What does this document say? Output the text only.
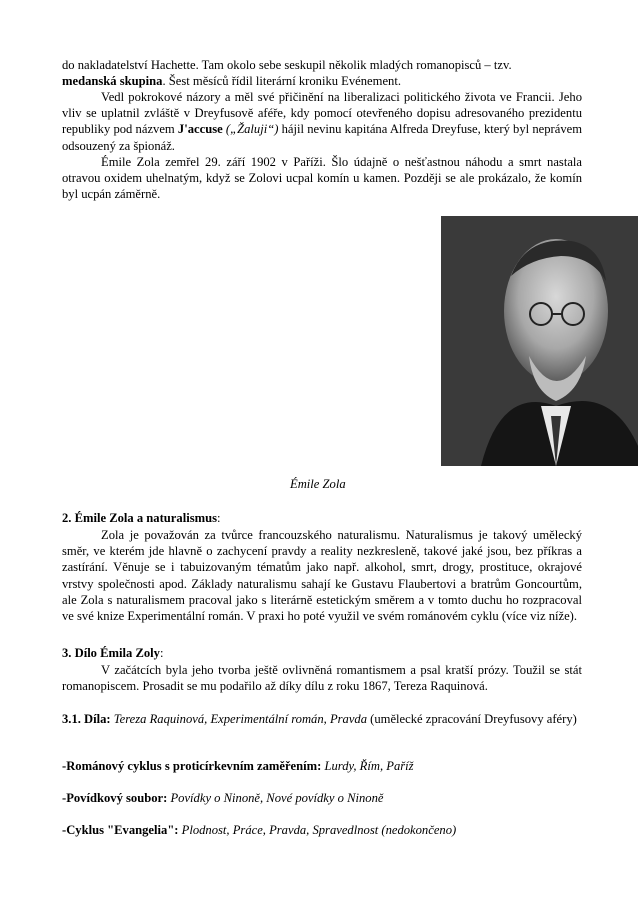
do nakladatelství Hachette. Tam okolo sebe seskupil několik mladých romanopisců – tzv.
medanská skupina. Šest měsíců řídil literární kroniku Evénement.

Vedl pokrokové názory a měl své přičinění na liberalizaci politického života ve Francii. Jeho vliv se uplatnil zvláště v Dreyfusově aféře, kdy pomocí otevřeného dopisu adresovaného prezidentu republiky pod názvem J'accuse („Žaluji“) hájil nevinu kapitána Alfreda Dreyfuse, který byl neprávem odsouzený za špionáž.

Émile Zola zemřel 29. září 1902 v Paříži. Šlo údajně o nešťastnou náhodu a smrt nastala otravou oxidem uhelnatým, když se Zolovi ucpal komín u kamen. Později se ale prokázalo, že komín byl ucpán záměrně.

Émile Zola

2. Émile Zola a naturalismus:

Zola je považován za tvůrce francouzského naturalismu. Naturalismus je takový umělecký směr, ve kterém jde hlavně o zachycení pravdy a reality nezkresleně, takové jaké jsou, bez příkras a zastírání. Věnuje se i tabuizovaným tématům jako např. alkohol, smrt, drogy, prostituce, okrajové vrstvy společnosti apod. Základy naturalismu sahají ke Gustavu Flaubertovi a bratrům Goncourtům, ale Zola s naturalismem pracoval jako s literárně estetickým směrem a v tomto duchu ho rozpracoval ve své knize Experimentální román. V praxi ho poté využil ve svém románovém cyklu (více viz níže).

3. Dílo Émila Zoly:

V začátcích byla jeho tvorba ještě ovlivněná romantismem a psal kratší prózy. Toužil se stát romanopiscem. Prosadit se mu podařilo až díky dílu z roku 1867, Tereza Raquinová.

3.1. Díla: Tereza Raquinová, Experimentální román, Pravda (umělecké zpracování Dreyfusovy aféry)

-Románový cyklus s proticírkevním zaměřením: Lurdy, Řím, Paříž

-Povídkový soubor: Povídky o Ninoně, Nové povídky o Ninoně

-Cyklus "Evangelia": Plodnost, Práce, Pravda, Spravedlnost (nedokončeno)
